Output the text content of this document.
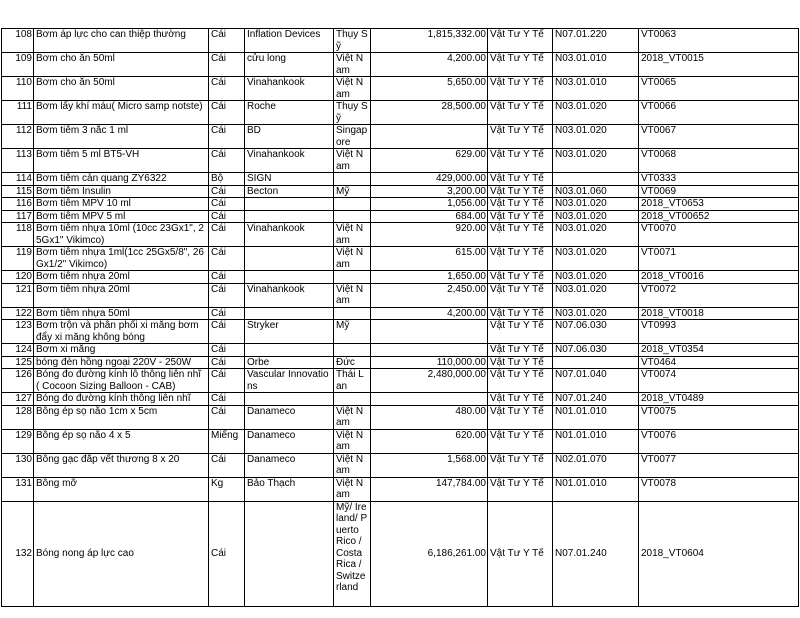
108	Bơm áp lực cho can thiệp thường	Cái	Inflation Devices	Thụy Sỹ	1,815,332.00	Vật Tư Y Tế	N07.01.220	VT0063
109	Bơm cho ăn 50ml	Cái	cửu long	Việt Nam	4,200.00	Vật Tư Y Tế	N03.01.010	2018_VT0015
110	Bơm cho ăn 50ml	Cái	Vinahankook	Việt Nam	5,650.00	Vật Tư Y Tế	N03.01.010	VT0065
111	Bơm lấy khí máu( Micro samp notste)	Cái	Roche	Thụy Sỹ	28,500.00	Vật Tư Y Tế	N03.01.020	VT0066
112	Bơm tiêm 3 nắc 1 ml	Cái	BD	Singapore		Vật Tư Y Tế	N03.01.020	VT0067
113	Bơm tiêm 5 ml BT5-VH	Cái	Vinahankook	Việt Nam	629.00	Vật Tư Y Tế	N03.01.020	VT0068
114	Bơm tiêm cản quang ZY6322	Bộ	SIGN		429,000.00	Vật Tư Y Tế		VT0333
115	Bơm tiêm Insulin	Cái	Becton	Mỹ	3,200.00	Vật Tư Y Tế	N03.01.060	VT0069
116	Bơm tiêm MPV 10 ml	Cái			1,056.00	Vật Tư Y Tế	N03.01.020	2018_VT0653
117	Bơm tiêm MPV 5 ml	Cái			684.00	Vật Tư Y Tế	N03.01.020	2018_VT00652
118	Bơm tiêm nhựa 10ml (10cc 23Gx1", 25Gx1" Vikimco)	Cái	Vinahankook	Việt Nam	920.00	Vật Tư Y Tế	N03.01.020	VT0070
119	Bơm tiêm nhựa 1ml(1cc 25Gx5/8", 26Gx1/2" Vikimco)	Cái		Việt Nam	615.00	Vật Tư Y Tế	N03.01.020	VT0071
120	Bơm tiêm nhựa 20ml	Cái			1,650.00	Vật Tư Y Tế	N03.01.020	2018_VT0016
121	Bơm tiêm nhựa 20ml	Cái	Vinahankook	Việt Nam	2,450.00	Vật Tư Y Tế	N03.01.020	VT0072
122	Bơm tiêm nhựa 50ml	Cái			4,200.00	Vật Tư Y Tế	N03.01.020	2018_VT0018
123	Bơm trộn và phân phối xi măng bơm đẩy xi măng không bóng	Cái	Stryker	Mỹ		Vật Tư Y Tế	N07.06.030	VT0993
124	Bơm xi măng	Cái				Vật Tư Y Tế	N07.06.030	2018_VT0354
125	bóng đèn hồng ngoại 220V - 250W	Cái	Orbe	Đức	110,000.00	Vật Tư Y Tế		VT0464
126	Bóng đo đường kính lỗ thông liên nhĩ ( Cocoon Sizing Balloon - CAB)	Cái	Vascular Innovations	Thái Lan	2,480,000.00	Vật Tư Y Tế	N07.01.040	VT0074
127	Bóng đo đường kính thông liên nhĩ	Cái				Vật Tư Y Tế	N07.01.240	2018_VT0489
128	Bông ép sọ não 1cm x 5cm	Cái	Danameco	Việt Nam	480.00	Vật Tư Y Tế	N01.01.010	VT0075
129	Bông ép sọ não 4 x 5	Miếng	Danameco	Việt Nam	620.00	Vật Tư Y Tế	N01.01.010	VT0076
130	Bông gạc đắp vết thương 8 x 20	Cái	Danameco	Việt Nam	1,568.00	Vật Tư Y Tế	N02.01.070	VT0077
131	Bông mỡ	Kg	Bảo Thạch	Việt Nam	147,784.00	Vật Tư Y Tế	N01.01.010	VT0078
132	Bóng nong áp lực cao	Cái		Mỹ/ Ireland/ Puerto Rico / Costa Rica / Switzerland	6,186,261.00	Vật Tư Y Tế	N07.01.240	2018_VT0604
